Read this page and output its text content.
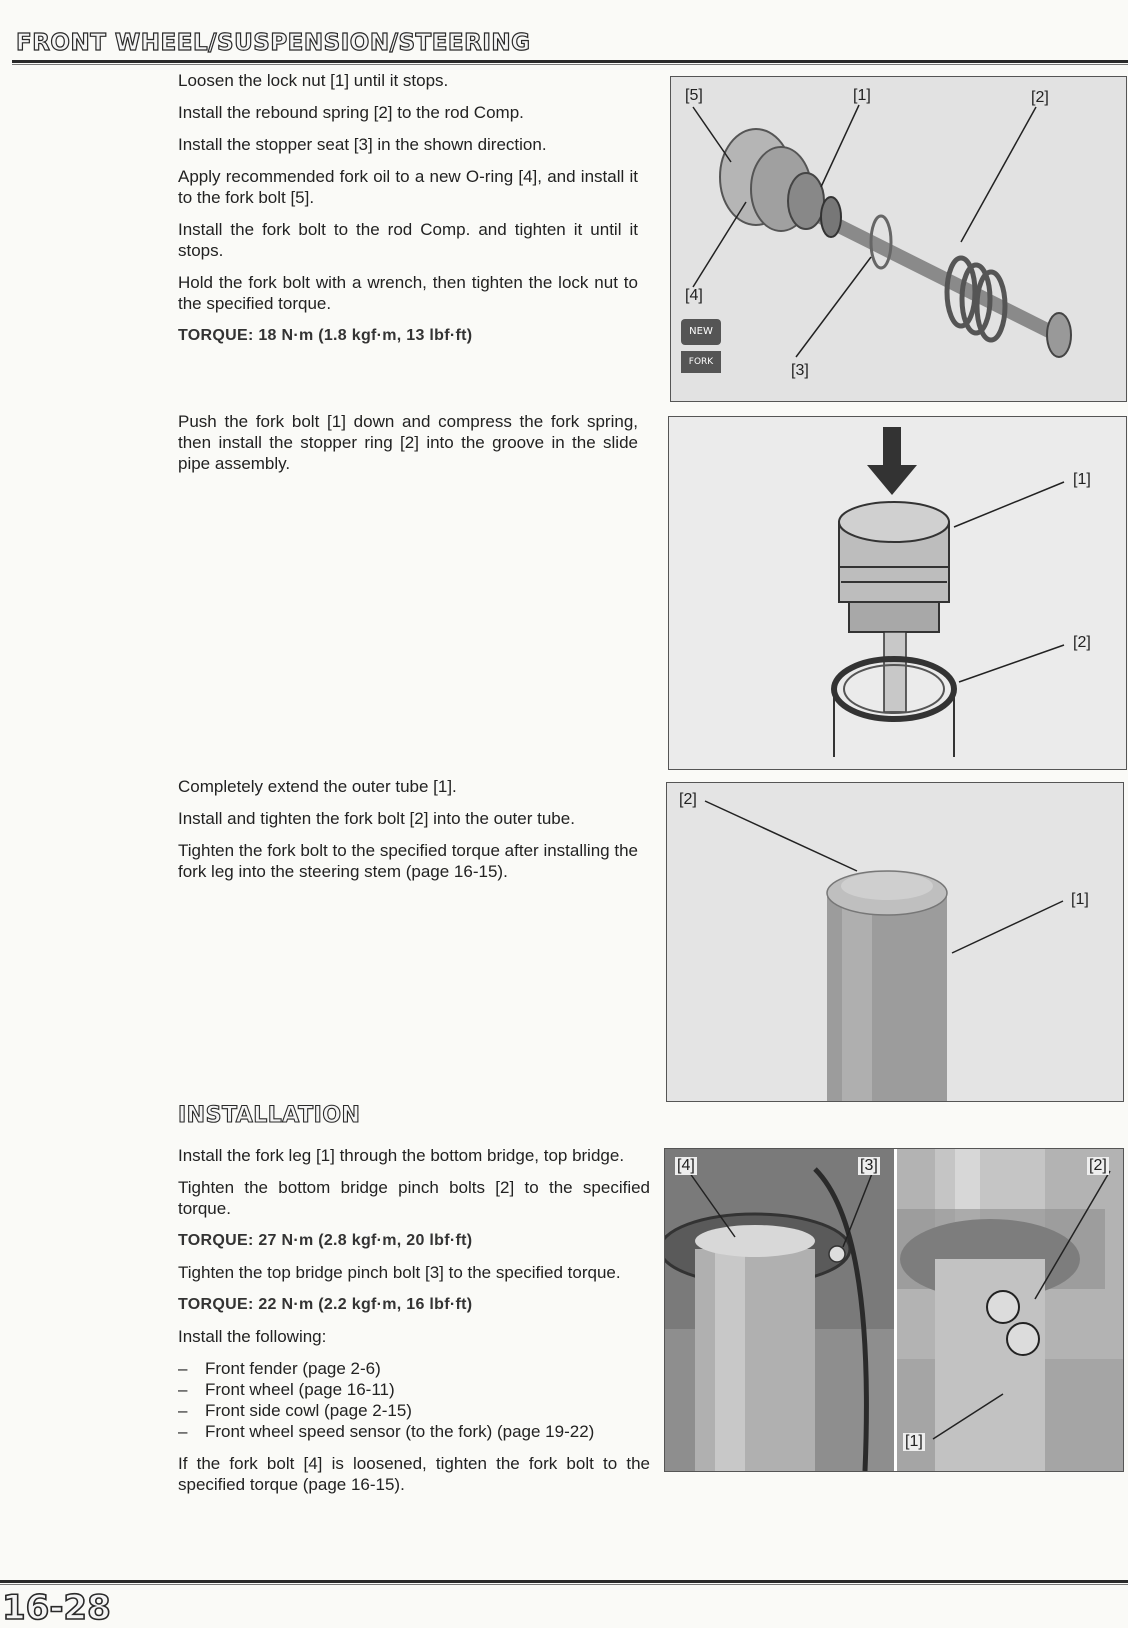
FRONT WHEEL/SUSPENSION/STEERING

Loosen the lock nut [1] until it stops.

Install the rebound spring [2] to the rod Comp.

Install the stopper seat [3] in the shown direction.

Apply recommended fork oil to a new O-ring [4], and install it to the fork bolt [5].

Install the fork bolt to the rod Comp. and tighten it until it stops.

Hold the fork bolt with a wrench, then tighten the lock nut to the specified torque.

TORQUE: 18 N·m (1.8 kgf·m, 13 lbf·ft)

[5]	[1]	[2]
[4]
[3]
NEW
FORK

Push the fork bolt [1] down and compress the fork spring, then install the stopper ring [2] into the groove in the slide pipe assembly.

[1]
[2]

Completely extend the outer tube [1].

Install and tighten the fork bolt [2] into the outer tube.

Tighten the fork bolt to the specified torque after installing the fork leg into the steering stem (page 16-15).

[2]
[1]
INSTALLATION

Install the fork leg [1] through the bottom bridge, top bridge.

Tighten the bottom bridge pinch bolts [2] to the specified torque.

TORQUE: 27 N·m (2.8 kgf·m, 20 lbf·ft)

Tighten the top bridge pinch bolt [3] to the specified torque.

TORQUE: 22 N·m (2.2 kgf·m, 16 lbf·ft)

Install the following:

– Front fender (page 2-6)
– Front wheel (page 16-11)
– Front side cowl (page 2-15)
– Front wheel speed sensor (to the fork) (page 19-22)

If the fork bolt [4] is loosened, tighten the fork bolt to the specified torque (page 16-15).

[4]	[3]	[2]
[1]
16-28
